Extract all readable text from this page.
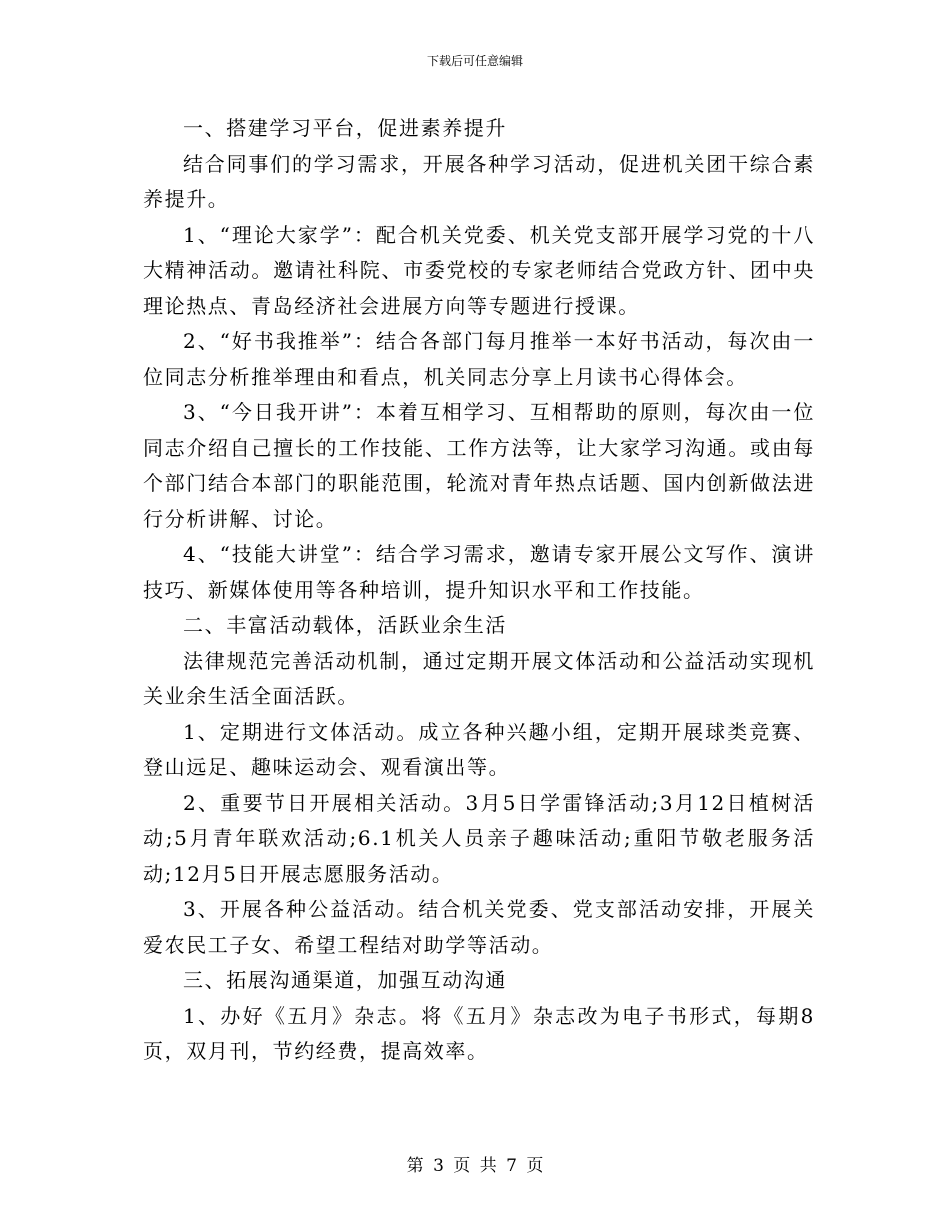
下载后可任意编辑

一、搭建学习平台，促进素养提升

结合同事们的学习需求，开展各种学习活动，促进机关团干综合素养提升。

1、“理论大家学”：配合机关党委、机关党支部开展学习党的十八大精神活动。邀请社科院、市委党校的专家老师结合党政方针、团中央理论热点、青岛经济社会进展方向等专题进行授课。

2、“好书我推举”：结合各部门每月推举一本好书活动，每次由一位同志分析推举理由和看点，机关同志分享上月读书心得体会。

3、“今日我开讲”：本着互相学习、互相帮助的原则，每次由一位同志介绍自己擅长的工作技能、工作方法等，让大家学习沟通。或由每个部门结合本部门的职能范围，轮流对青年热点话题、国内创新做法进行分析讲解、讨论。

4、“技能大讲堂”：结合学习需求，邀请专家开展公文写作、演讲技巧、新媒体使用等各种培训，提升知识水平和工作技能。

二、丰富活动载体，活跃业余生活

法律规范完善活动机制，通过定期开展文体活动和公益活动实现机关业余生活全面活跃。

1、定期进行文体活动。成立各种兴趣小组，定期开展球类竞赛、登山远足、趣味运动会、观看演出等。

2、重要节日开展相关活动。3月5日学雷锋活动;3月12日植树活动;5月青年联欢活动;6.1机关人员亲子趣味活动;重阳节敬老服务活动;12月5日开展志愿服务活动。

3、开展各种公益活动。结合机关党委、党支部活动安排，开展关爱农民工子女、希望工程结对助学等活动。

三、拓展沟通渠道，加强互动沟通

1、办好《五月》杂志。将《五月》杂志改为电子书形式，每期8页，双月刊，节约经费，提高效率。

第 3 页 共 7 页
